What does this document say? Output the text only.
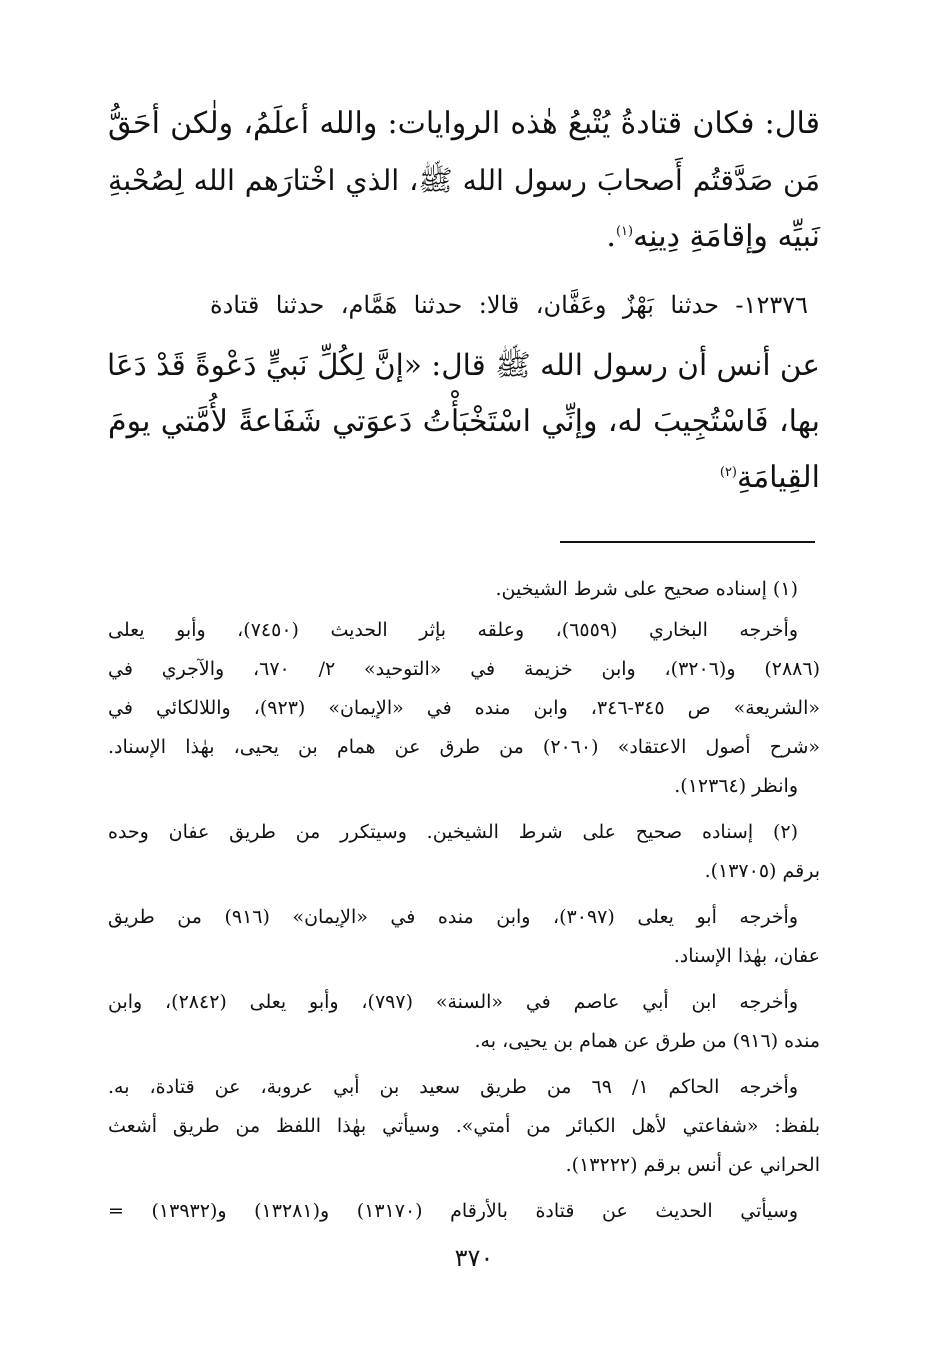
قال: فكان قتادةُ يُتْبعُ هٰذه الروايات: والله أعلَمُ، ولٰكن أحَقُّ
مَن صَدَّقتُم أَصحابَ رسول الله ﷺ، الذي اخْتارَهم الله لِصُحْبةِ
نَبيِّه وإقامَةِ دِينِه$^{(١)}$.
١٢٣٧٦- حدثنا بَهْزٌ وعَفَّان، قالا: حدثنا هَمَّام، حدثنا قتادة
عن أنس أن رسول الله ﷺ قال: «إنَّ لِكُلِّ نَبيٍّ دَعْوةً قَدْ دَعَا
بها، فَاسْتُجِيبَ له، وإنِّي اسْتَخْبَأْتُ دَعوَتي شَفَاعةً لأُمَّتي يومَ
القِيامَةِ$^{(٢)}$
(١) إسناده صحيح على شرط الشيخين.
وأخرجه البخاري (٦٥٥٩)، وعلقه بإثر الحديث (٧٤٥٠)، وأبو يعلى
(٢٨٨٦) و(٣٢٠٦)، وابن خزيمة في «التوحيد» ٢/ ٦٧٠، والآجري في
«الشريعة» ص ٣٤٥-٣٤٦، وابن منده في «الإيمان» (٩٢٣)، واللالكائي في
«شرح أصول الاعتقاد» (٢٠٦٠) من طرق عن همام بن يحيى، بهٰذا الإسناد.
وانظر (١٢٣٦٤).
(٢) إسناده صحيح على شرط الشيخين. وسيتكرر من طريق عفان وحده
برقم (١٣٧٠٥).
وأخرجه أبو يعلى (٣٠٩٧)، وابن منده في «الإيمان» (٩١٦) من طريق
عفان، بهٰذا الإسناد.
وأخرجه ابن أبي عاصم في «السنة» (٧٩٧)، وأبو يعلى (٢٨٤٢)، وابن
منده (٩١٦) من طرق عن همام بن يحيى، به.
وأخرجه الحاكم ١/ ٦٩ من طريق سعيد بن أبي عروبة، عن قتادة، به.
بلفظ: «شفاعتي لأهل الكبائر من أمتي». وسيأتي بهٰذا اللفظ من طريق أشعث
الحراني عن أنس برقم (١٣٢٢٢).
وسيأتي الحديث عن قتادة بالأرقام (١٣١٧٠) و(١٣٢٨١) و(١٣٩٣٢) =
٣٧٠
